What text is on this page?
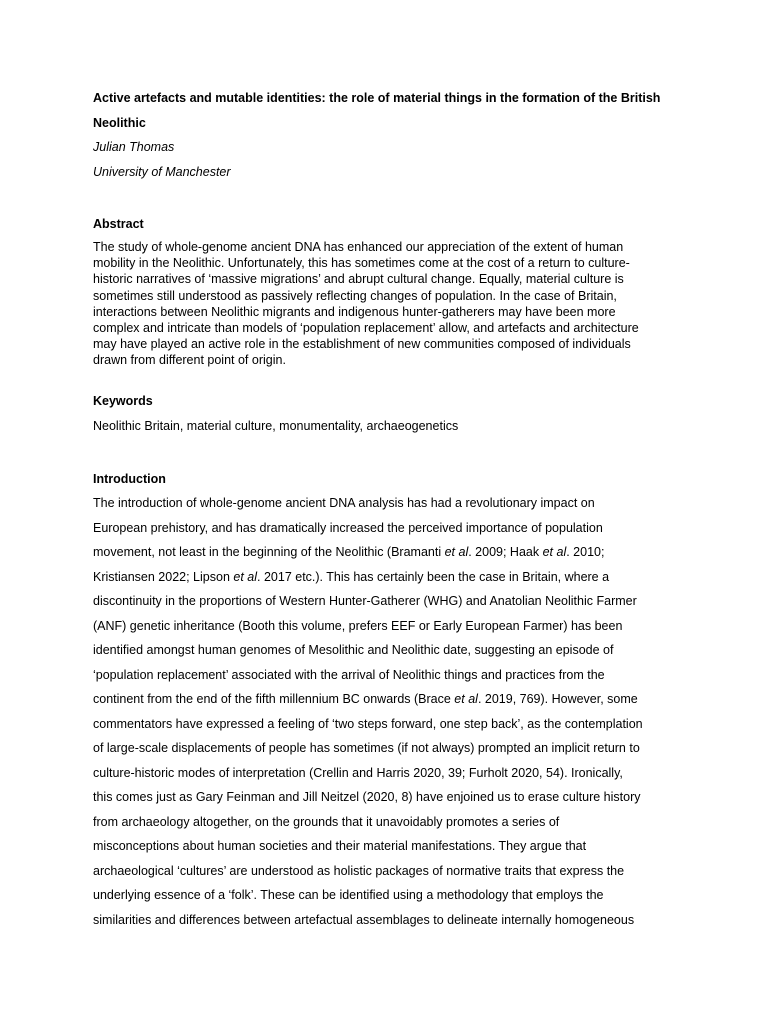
Active artefacts and mutable identities: the role of material things in the formation of the British
Neolithic

Julian Thomas

University of Manchester

Abstract

The study of whole-genome ancient DNA has enhanced our appreciation of the extent of human
mobility in the Neolithic. Unfortunately, this has sometimes come at the cost of a return to culture-
historic narratives of ‘massive migrations’ and abrupt cultural change. Equally, material culture is
sometimes still understood as passively reflecting changes of population. In the case of Britain,
interactions between Neolithic migrants and indigenous hunter-gatherers may have been more
complex and intricate than models of ‘population replacement’ allow, and artefacts and architecture
may have played an active role in the establishment of new communities composed of individuals
drawn from different point of origin.

Keywords

Neolithic Britain, material culture, monumentality, archaeogenetics

Introduction

The introduction of whole-genome ancient DNA analysis has had a revolutionary impact on
European prehistory, and has dramatically increased the perceived importance of population
movement, not least in the beginning of the Neolithic (Bramanti et al. 2009; Haak et al. 2010;
Kristiansen 2022; Lipson et al. 2017 etc.). This has certainly been the case in Britain, where a
discontinuity in the proportions of Western Hunter-Gatherer (WHG) and Anatolian Neolithic Farmer
(ANF) genetic inheritance (Booth this volume, prefers EEF or Early European Farmer) has been
identified amongst human genomes of Mesolithic and Neolithic date, suggesting an episode of
‘population replacement’ associated with the arrival of Neolithic things and practices from the
continent from the end of the fifth millennium BC onwards (Brace et al. 2019, 769). However, some
commentators have expressed a feeling of ‘two steps forward, one step back’, as the contemplation
of large-scale displacements of people has sometimes (if not always) prompted an implicit return to
culture-historic modes of interpretation (Crellin and Harris 2020, 39; Furholt 2020, 54). Ironically,
this comes just as Gary Feinman and Jill Neitzel (2020, 8) have enjoined us to erase culture history
from archaeology altogether, on the grounds that it unavoidably promotes a series of
misconceptions about human societies and their material manifestations. They argue that
archaeological ‘cultures’ are understood as holistic packages of normative traits that express the
underlying essence of a ‘folk’. These can be identified using a methodology that employs the
similarities and differences between artefactual assemblages to delineate internally homogeneous
